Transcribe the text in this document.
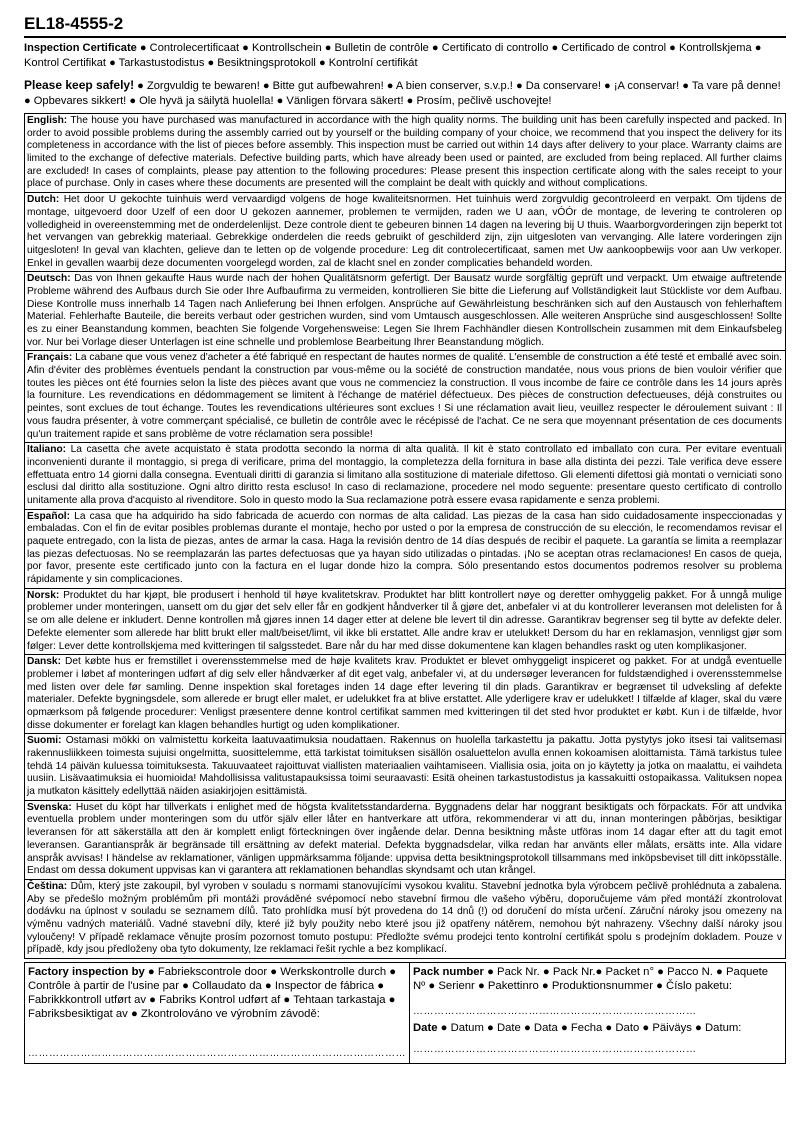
EL18-4555-2
Inspection Certificate ● Controlecertificaat ● Kontrollschein ● Bulletin de contrôle ● Certificato di controllo ● Certificado de control ● Kontrollskjema ● Kontrol Certifikat ● Tarkastustodistus ● Besiktningsprotokoll ● Kontrolní certifikát
Please keep safely! ● Zorgvuldig te bewaren! ● Bitte gut aufbewahren! ● A bien conserver, s.v.p.! ● Da conservare! ● ¡A conservar! ● Ta vare på denne! ● Opbevares sikkert! ● Ole hyvä ja säilytä huolella! ● Vänligen förvara säkert! ● Prosím, pečlivě uschovejte!
English: The house you have purchased was manufactured in accordance with the high quality norms. The building unit has been carefully inspected and packed. In order to avoid possible problems during the assembly carried out by yourself or the building company of your choice, we recommend that you inspect the delivery for its completeness in accordance with the list of pieces before assembly. This inspection must be carried out within 14 days after delivery to your place. Warranty claims are limited to the exchange of defective materials. Defective building parts, which have already been used or painted, are excluded from being replaced. All further claims are excluded! In cases of complaints, please pay attention to the following procedures: Please present this inspection certificate along with the sales receipt to your place of purchase. Only in cases where these documents are presented will the complaint be dealt with quickly and without complications.
Dutch: Het door U gekochte tuinhuis werd vervaardigd volgens de hoge kwaliteitsnormen. Het tuinhuis werd zorgvuldig gecontroleerd en verpakt. Om tijdens de montage, uitgevoerd door Uzelf of een door U gekozen aannemer, problemen te vermijden, raden we U aan, vÓÓr de montage, de levering te controleren op volledigheid in overeenstemming met de onderdelenlijst. Deze controle dient te gebeuren binnen 14 dagen na levering bij U thuis. Waarborgvorderingen zijn beperkt tot het vervangen van gebrekkig materiaal. Gebrekkige onderdelen die reeds gebruikt of geschilderd zijn, zijn uitgesloten van vervanging. Alle latere vorderingen zijn uitgesloten! In geval van klachten, gelieve dan te letten op de volgende procedure: Leg dit controlecertificaat, samen met Uw aankoopbewijs voor aan Uw verkoper. Enkel in gevallen waarbij deze documenten voorgelegd worden, zal de klacht snel en zonder complicaties behandeld worden.
Deutsch: Das von Ihnen gekaufte Haus wurde nach der hohen Qualitätsnorm gefertigt. Der Bausatz wurde sorgfältig geprüft und verpackt. Um etwaige auftretende Probleme während des Aufbaus durch Sie oder Ihre Aufbaufirma zu vermeiden, kontrollieren Sie bitte die Lieferung auf Vollständigkeit laut Stückliste vor dem Aufbau. Diese Kontrolle muss innerhalb 14 Tagen nach Anlieferung bei Ihnen erfolgen. Ansprüche auf Gewährleistung beschränken sich auf den Austausch von fehlerhaftem Material. Fehlerhafte Bauteile, die bereits verbaut oder gestrichen wurden, sind vom Umtausch ausgeschlossen. Alle weiteren Ansprüche sind ausgeschlossen! Sollte es zu einer Beanstandung kommen, beachten Sie folgende Vorgehensweise: Legen Sie Ihrem Fachhändler diesen Kontrollschein zusammen mit dem Einkaufsbeleg vor. Nur bei Vorlage dieser Unterlagen ist eine schnelle und problemlose Bearbeitung Ihrer Beanstandung möglich.
Français: La cabane que vous venez d'acheter a été fabriqué en respectant de hautes normes de qualité. L'ensemble de construction a été testé et emballé avec soin. Afin d'éviter des problèmes éventuels pendant la construction par vous-même ou la société de construction mandatée, nous vous prions de bien vouloir vérifier que toutes les pièces ont été fournies selon la liste des pièces avant que vous ne commenciez la construction. Il vous incombe de faire ce contrôle dans les 14 jours après la fourniture. Les revendications en dédommagement se limitent à l'échange de matériel défectueux. Des pièces de construction defectueuses, déjà construites ou peintes, sont exclues de tout échange. Toutes les revendications ultérieures sont exclues ! Si une réclamation avait lieu, veuillez respecter le déroulement suivant : Il vous faudra présenter, à votre commerçant spécialisé, ce bulletin de contrôle avec le récépissé de l'achat. Ce ne sera que moyennant présentation de ces documents qu'un traitement rapide et sans problème de votre réclamation sera possible!
Italiano: La casetta che avete acquistato è stata prodotta secondo la norma di alta qualità. Il kit è stato controllato ed imballato con cura. Per evitare eventuali inconvenienti durante il montaggio, si prega di verificare, prima del montaggio, la completezza della fornitura in base alla distinta dei pezzi. Tale verifica deve essere effettuata entro 14 giorni dalla consegna. Eventuali diritti di garanzia si limitano alla sostituzione di materiale difettoso. Gli elementi difettosi già montati o verniciati sono esclusi dal diritto alla sostituzione. Ogni altro diritto resta escluso! In caso di reclamazione, procedere nel modo seguente: presentare questo certificato di controllo unitamente alla prova d'acquisto al rivenditore. Solo in questo modo la Sua reclamazione potrà essere evasa rapidamente e senza problemi.
Español: La casa que ha adquirido ha sido fabricada de acuerdo con normas de alta calidad. Las piezas de la casa han sido cuidadosamente inspeccionadas y embaladas. Con el fin de evitar posibles problemas durante el montaje, hecho por usted o por la empresa de construcción de su elección, le recomendamos revisar el paquete entregado, con la lista de piezas, antes de armar la casa. Haga la revisión dentro de 14 días después de recibir el paquete. La garantía se limita a reemplazar las piezas defectuosas. No se reemplazarán las partes defectuosas que ya hayan sido utilizadas o pintadas. ¡No se aceptan otras reclamaciones! En casos de queja, por favor, presente este certificado junto con la factura en el lugar donde hizo la compra. Sólo presentando estos documentos podremos resolver su problema rápidamente y sin complicaciones.
Norsk: Produktet du har kjøpt, ble produsert i henhold til høye kvalitetskrav. Produktet har blitt kontrollert nøye og deretter omhyggelig pakket. For å unngå mulige problemer under monteringen, uansett om du gjør det selv eller får en godkjent håndverker til å gjøre det, anbefaler vi at du kontrollerer leveransen mot delelisten for å se om alle delene er inkludert. Denne kontrollen må gjøres innen 14 dager etter at delene ble levert til din adresse. Garantikrav begrenser seg til bytte av defekte deler. Defekte elementer som allerede har blitt brukt eller malt/beiset/limt, vil ikke bli erstattet. Alle andre krav er utelukket! Dersom du har en reklamasjon, vennligst gjør som følger: Lever dette kontrollskjema med kvitteringen til salgsstedet. Bare når du har med disse dokumentene kan klagen behandles raskt og uten komplikasjoner.
Dansk: Det købte hus er fremstillet i overensstemmelse med de høje kvalitets krav. Produktet er blevet omhyggeligt inspiceret og pakket. For at undgå eventuelle problemer i løbet af monteringen udført af dig selv eller håndværker af dit eget valg, anbefaler vi, at du undersøger leverancen for fuldstændighed i overensstemmelse med listen over dele før samling. Denne inspektion skal foretages inden 14 dage efter levering til din plads. Garantikrav er begrænset til udveksling af defekte materialer. Defekte bygningsdele, som allerede er brugt eller malet, er udelukket fra at blive erstattet. Alle yderligere krav er udelukket! I tilfælde af klager, skal du være opmærksom på følgende procedurer: Venligst præsentere denne kontrol certifikat sammen med kvitteringen til det sted hvor produktet er købt. Kun i de tilfælde, hvor disse dokumenter er forelagt kan klagen behandles hurtigt og uden komplikationer.
Suomi: Ostamasi mökki on valmistettu korkeita laatuvaatimuksia noudattaen. Rakennus on huolella tarkastettu ja pakattu. Jotta pystytys joko itsesi tai valitsemasi rakennusliikkeen toimesta sujuisi ongelmitta, suosittelemme, että tarkistat toimituksen sisällön osaluettelon avulla ennen kokoamisen aloittamista. Tämä tarkistus tulee tehdä 14 päivän kuluessa toimituksesta. Takuuvaateet rajoittuvat viallisten materiaalien vaihtamiseen. Viallisia osia, joita on jo käytetty ja jotka on maalattu, ei vaihdeta uusiin. Lisävaatimuksia ei huomioida! Mahdollisissa valitustapauksissa toimi seuraavasti: Esitä oheinen tarkastustodistus ja kassakuitti ostopaikassa. Valituksen nopea ja mutkaton käsittely edellyttää näiden asiakirjojen esittämistä.
Svenska: Huset du köpt har tillverkats i enlighet med de högsta kvalitetsstandarderna. Byggnadens delar har noggrant besiktigats och förpackats. För att undvika eventuella problem under monteringen som du utför själv eller låter en hantverkare att utföra, rekommenderar vi att du, innan monteringen påbörjas, besiktigar leveransen för att säkerställa att den är komplett enligt förteckningen över ingående delar. Denna besiktning måste utföras inom 14 dagar efter att du tagit emot leveransen. Garantianspråk är begränsade till ersättning av defekt material. Defekta byggnadsdelar, vilka redan har använts eller målats, ersätts inte. Alla vidare anspråk avvisas! I händelse av reklamationer, vänligen uppmärksamma följande: uppvisa detta besiktningsprotokoll tillsammans med inköpsbeviset till ditt inköpsställe. Endast om dessa dokument uppvisas kan vi garantera att reklamationen behandlas skyndsamt och utan krångel.
Čeština: Dům, který jste zakoupil, byl vyroben v souladu s normami stanovujícími vysokou kvalitu. Stavební jednotka byla výrobcem pečlivě prohlédnuta a zabalena. Aby se předešlo možným problémům při montáži prováděné svépomocí nebo stavební firmou dle vašeho výběru, doporučujeme vám před montáží zkontrolovat dodávku na úplnost v souladu se seznamem dílů. Tato prohlídka musí být provedena do 14 dnů (!) od doručení do místa určení. Záruční nároky jsou omezeny na výměnu vadných materiálů. Vadné stavební díly, které již byly použity nebo které jsou již opatřeny nátěrem, nemohou být nahrazeny. Všechny další nároky jsou vyloučeny! V případě reklamace věnujte prosím pozornost tomuto postupu: Předložte svému prodejci tento kontrolní certifikát spolu s prodejním dokladem. Pouze v případě, kdy jsou předloženy oba tyto dokumenty, lze reklamaci řešit rychle a bez komplikací.
Factory inspection by ● Fabriekscontrole door ● Werkskontrolle durch ● Contrôle à partir de l'usine par ● Collaudato da ● Inspector de fábrica ● Fabrikkkontroll utført av ● Fabriks Kontrol udført af ● Tehtaan tarkastaja ● Fabriksbesiktigat av ● Zkontrolováno ve výrobním závodě:
………………………………………………………………………………………………
Pack number ● Pack Nr. ● Pack Nr.● Packet n° ● Pacco N. ● Paquete Nº ● Serienr ● Pakettinro ● Produktionsnummer ● Číslo paketu:
………………………………………………………………………
Date ● Datum ● Date ● Data ● Fecha ● Dato ● Päiväys ● Datum:
………………………………………………………………………
